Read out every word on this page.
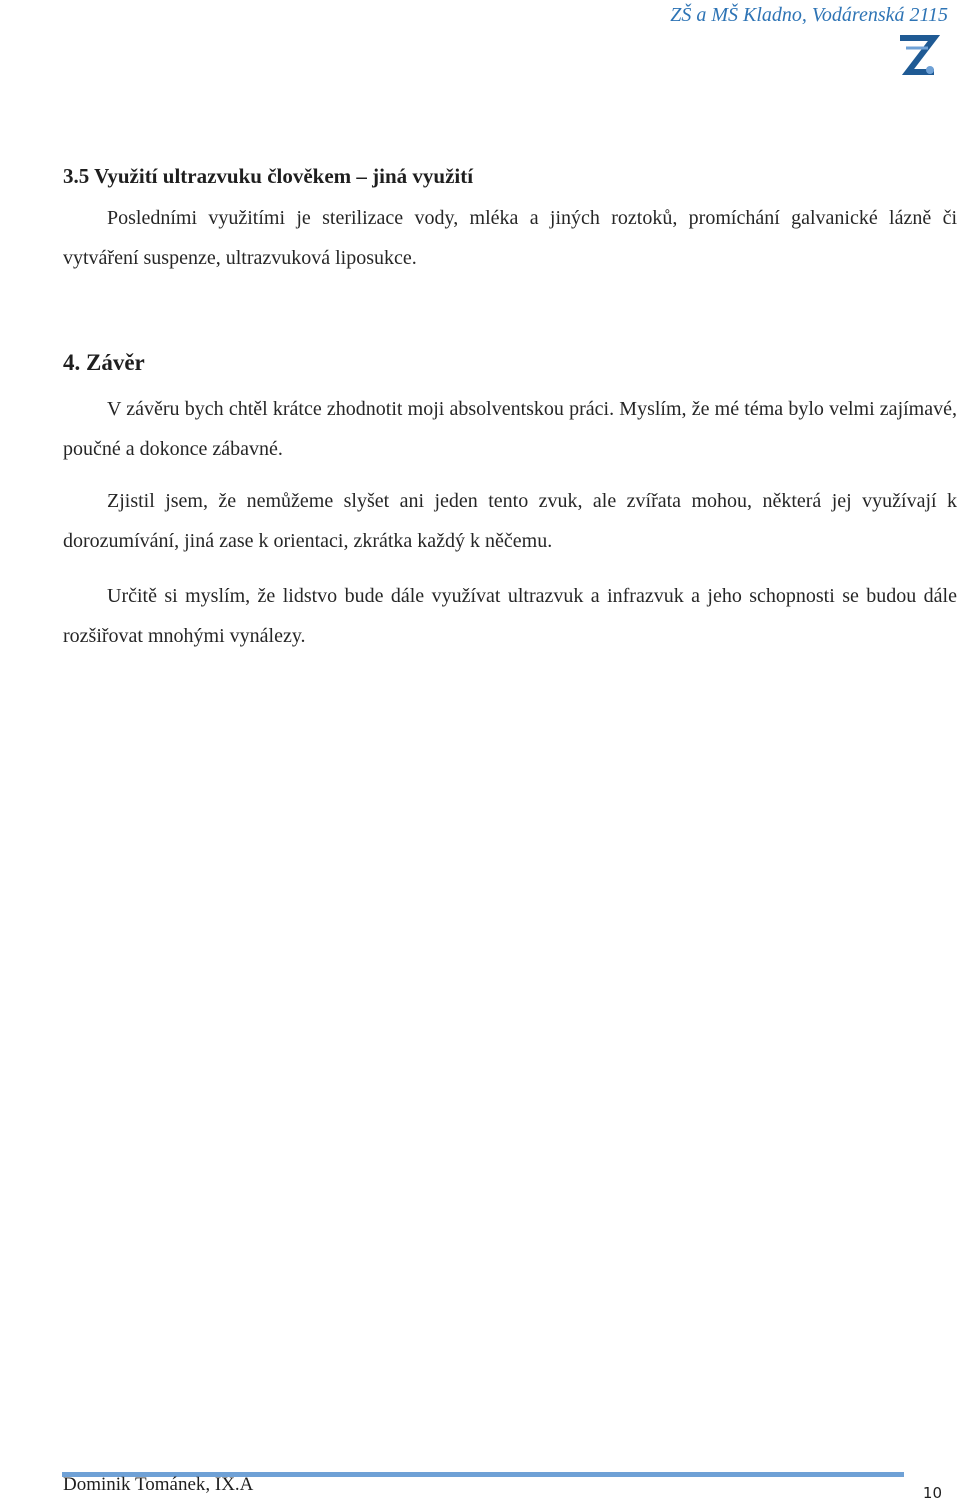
ZŠ a MŠ Kladno, Vodárenská 2115

3.5 Využití ultrazvuku člověkem – jiná využití

Posledními využitími je sterilizace vody, mléka a jiných roztoků, promíchání galvanické lázně či vytváření suspenze, ultrazvuková liposukce.

4. Závěr

V závěru bych chtěl krátce zhodnotit moji absolventskou práci. Myslím, že mé téma bylo velmi zajímavé, poučné a dokonce zábavné.

Zjistil jsem, že nemůžeme slyšet ani jeden tento zvuk, ale zvířata mohou, některá jej využívají k dorozumívání, jiná zase k orientaci, zkrátka každý k něčemu.

Určitě si myslím, že lidstvo bude dále využívat ultrazvuk a infrazvuk a jeho schopnosti se budou dále rozšiřovat mnohými vynálezy.

Dominik Tománek, IX.A	10
